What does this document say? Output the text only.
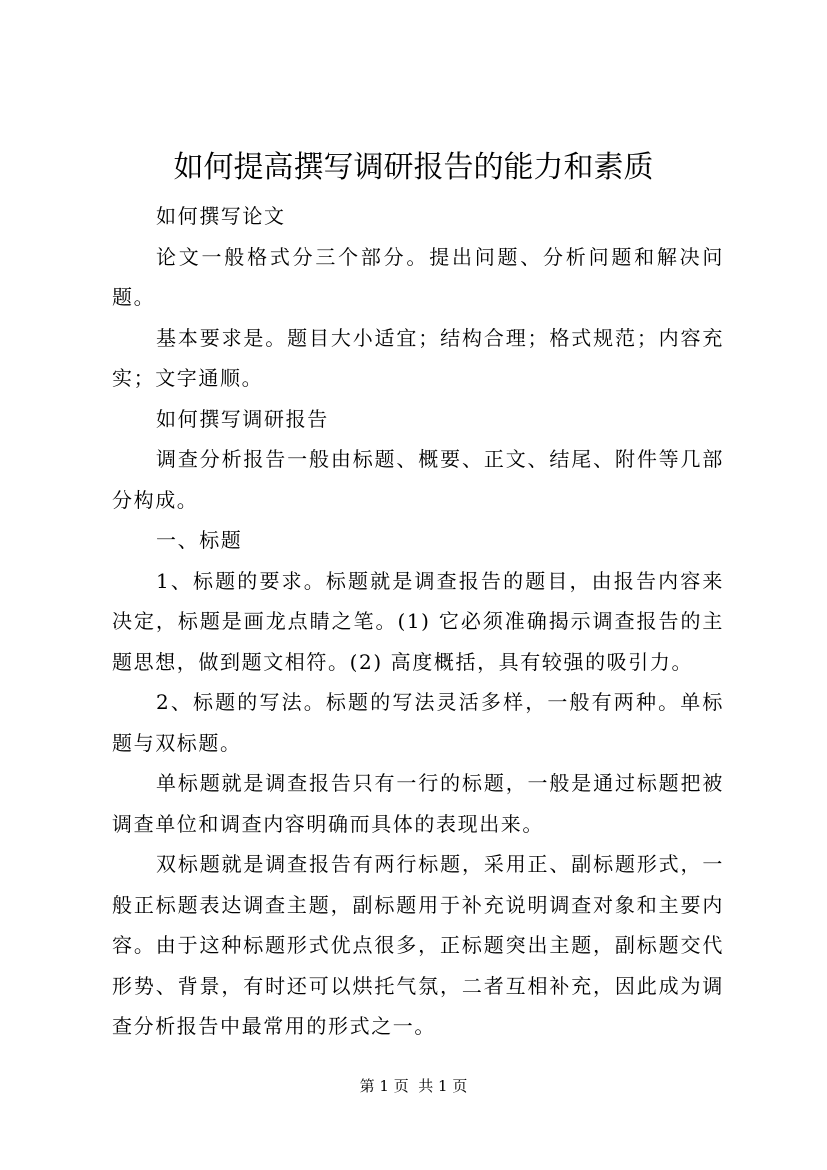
如何提高撰写调研报告的能力和素质

如何撰写论文

论文一般格式分三个部分。提出问题、分析问题和解决问题。

基本要求是。题目大小适宜；结构合理；格式规范；内容充实；文字通顺。

如何撰写调研报告

调查分析报告一般由标题、概要、正文、结尾、附件等几部分构成。

一、标题

1、标题的要求。标题就是调查报告的题目，由报告内容来决定，标题是画龙点睛之笔。(1) 它必须准确揭示调查报告的主题思想，做到题文相符。(2) 高度概括，具有较强的吸引力。

2、标题的写法。标题的写法灵活多样，一般有两种。单标题与双标题。

单标题就是调查报告只有一行的标题，一般是通过标题把被调查单位和调查内容明确而具体的表现出来。

双标题就是调查报告有两行标题，采用正、副标题形式，一般正标题表达调查主题，副标题用于补充说明调查对象和主要内容。由于这种标题形式优点很多，正标题突出主题，副标题交代形势、背景，有时还可以烘托气氛，二者互相补充，因此成为调查分析报告中最常用的形式之一。

第 1 页  共 1 页
